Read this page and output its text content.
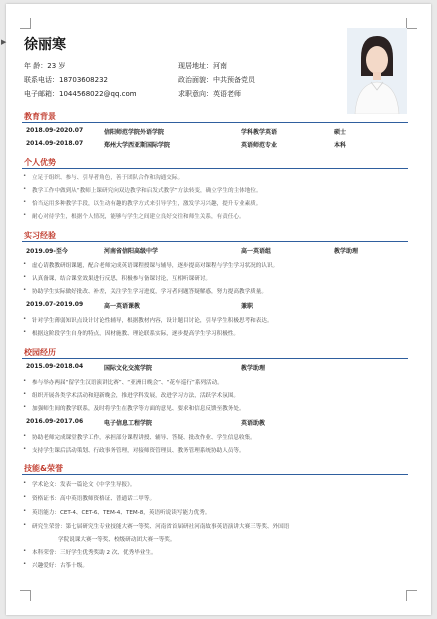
▶ 徐丽寒
年 龄：23 岁
联系电话：18703608232
电子邮箱：1044568022@qq.com
现居地址：河南
政治面貌：中共预备党员
求职意向：英语老师
教育背景
2018.09-2020.07	信阳师范学院外语学院	学科教学英语	硕士
2014.09-2018.07	郑州大学西亚斯国际学院	英语师范专业	本科
个人优势
• 立足于组织、参与、引导者角色，善于团队合作和沟通交际。
• 教学工作中做到从“教师上课研究向双边教学和启发式教学”方法转变，确立学生的主体地位。
• 恰当运用多种教学手段，以生动有趣的教学方式来引导学生，激发学习兴趣，提升专业素质。
• 耐心对待学生，根据个人情况，能够与学生之间建立良好交往和师生关系，有责任心。
实习经验
2019.09-至今	河南省信阳高级中学	高一英语组	教学助理
• 虚心请教教研组课题，配合老师完成英语课程授课与辅导，逐步提高对课程与学生学习状况的认识。
• 认真备课，结合课堂效果进行反思，积极参与备课讨论，互相听课研讨。
• 协助学生实际做好批改、补差，关注学生学习进度，学习者问题答疑解惑，努力提高教学质量。
2019.07-2019.09	高一英语课教	兼职
• 针对学生薄弱知识点设计讨论性辅导，根据教材内容，设计题目讨论，引导学生积极思考和表达。
• 根据这阶段学生自身的特点，因材施教、理论联系实际，逐步提高学生学习积极性。
校园经历
2015.09-2018.04	国际文化交流学院	教学助理
• 参与举办两届“留学生汉语演讲比赛”、“亚洲日晚会”、“花车巡行”系列活动。
• 组织开展各类学术活动和迎新晚会，推进学科发展，改进学习方法，活跃学术氛围。
• 加强师生间的教学联系，及时将学生在教学等方面的意见、要求和信息反馈至教务处。
2016.09-2017.06	电子信息工程学院	英语助教
• 协助老师完成课堂教学工作，承担部分课程讲授、辅导、答疑、批改作业、学生信息收集。
• 支持学生课后活动策划、行政事务管理，对接师资管理员、教务管理系统协助人员等。
技能&荣誉
• 学术论文：发表一篇论文《中学生导报》。
• 资格证书：高中英语教师资格证、普通话二甲等。
• 英语能力：CET-4、CET-6、TEM-4、TEM-8，英语听说读写能力优秀。
• 研究生荣誉：第七届研究生专业技能大赛一等奖、河南省首届研社河南故事英语演讲大赛三等奖、外国语
学院说课大赛一等奖、校级研动团大赛一等奖。
• 本科荣誉：三好学生优秀奖助 2 次、优秀毕业生。
• 兴趣爱好：古筝十级。
